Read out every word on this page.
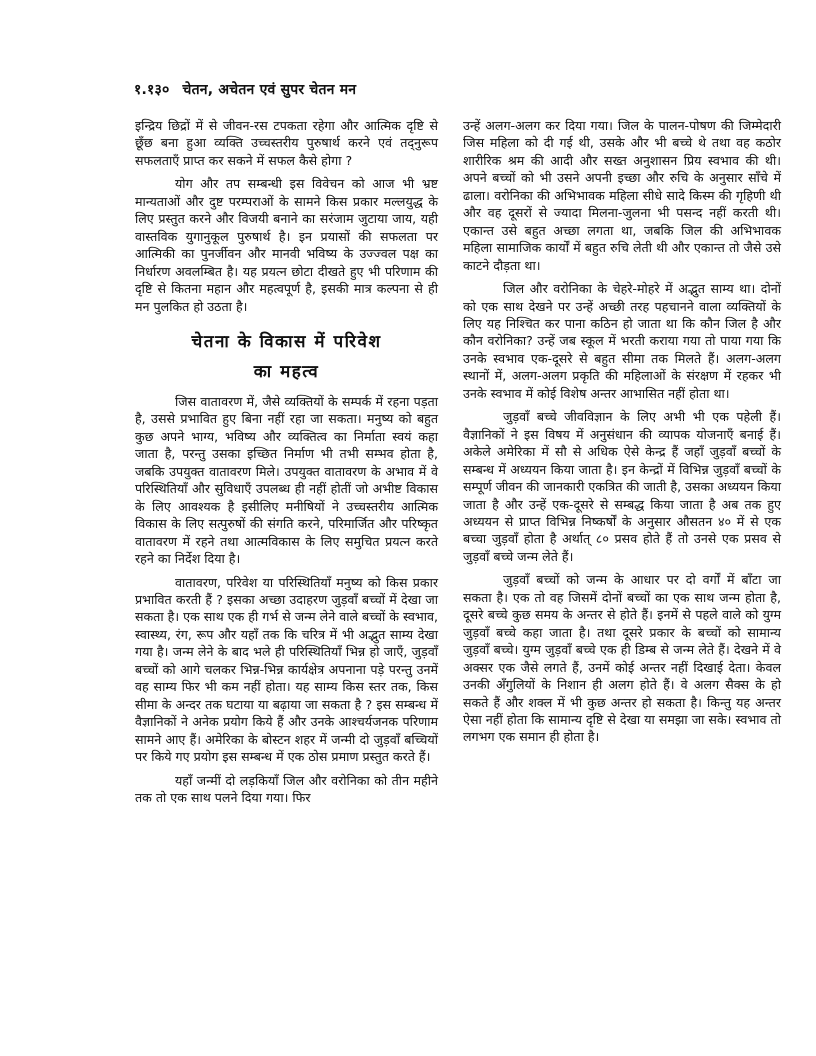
१.१३० चेतन, अचेतन एवं सुपर चेतन मन

इन्द्रिय छिद्रों में से जीवन-रस टपकता रहेगा और आत्मिक दृष्टि से छूँछ बना हुआ व्यक्ति उच्चस्तरीय पुरुषार्थ करने एवं तद्नुरूप सफलताएँ प्राप्त कर सकने में सफल कैसे होगा ?

योग और तप सम्बन्धी इस विवेचन को आज भी भ्रष्ट मान्यताओं और दुष्ट परम्पराओं के सामने किस प्रकार मल्लयुद्ध के लिए प्रस्तुत करने और विजयी बनाने का सरंजाम जुटाया जाय, यही वास्तविक युगानुकूल पुरुषार्थ है। इन प्रयासों की सफलता पर आत्मिकी का पुनर्जीवन और मानवी भविष्य के उज्ज्वल पक्ष का निर्धारण अवलम्बित है। यह प्रयत्न छोटा दीखते हुए भी परिणाम की दृष्टि से कितना महान और महत्वपूर्ण है, इसकी मात्र कल्पना से ही मन पुलकित हो उठता है।

चेतना के विकास में परिवेश
का महत्व

जिस वातावरण में, जैसे व्यक्तियों के सम्पर्क में रहना पड़ता है, उससे प्रभावित हुए बिना नहीं रहा जा सकता। मनुष्य को बहुत कुछ अपने भाग्य, भविष्य और व्यक्तित्व का निर्माता स्वयं कहा जाता है, परन्तु उसका इच्छित निर्माण भी तभी सम्भव होता है, जबकि उपयुक्त वातावरण मिले। उपयुक्त वातावरण के अभाव में वे परिस्थितियाँ और सुविधाएँ उपलब्ध ही नहीं होतीं जो अभीष्ट विकास के लिए आवश्यक है इसीलिए मनीषियों ने उच्चस्तरीय आत्मिक विकास के लिए सत्पुरुषों की संगति करने, परिमार्जित और परिष्कृत वातावरण में रहने तथा आत्मविकास के लिए समुचित प्रयत्न करते रहने का निर्देश दिया है।

वातावरण, परिवेश या परिस्थितियाँ मनुष्य को किस प्रकार प्रभावित करती हैं ? इसका अच्छा उदाहरण जुड़वाँ बच्चों में देखा जा सकता है। एक साथ एक ही गर्भ से जन्म लेने वाले बच्चों के स्वभाव, स्वास्थ्य, रंग, रूप और यहाँ तक कि चरित्र में भी अद्भुत साम्य देखा गया है। जन्म लेने के बाद भले ही परिस्थितियाँ भिन्न हो जाएँ, जुड़वाँ बच्चों को आगे चलकर भिन्न-भिन्न कार्यक्षेत्र अपनाना पड़े परन्तु उनमें वह साम्य फिर भी कम नहीं होता। यह साम्य किस स्तर तक, किस सीमा के अन्दर तक घटाया या बढ़ाया जा सकता है ? इस सम्बन्ध में वैज्ञानिकों ने अनेक प्रयोग किये हैं और उनके आश्चर्यजनक परिणाम सामने आए हैं। अमेरिका के बोस्टन शहर में जन्मी दो जुड़वाँ बच्चियों पर किये गए प्रयोग इस सम्बन्ध में एक ठोस प्रमाण प्रस्तुत करते हैं।

यहाँ जन्मीं दो लड़कियाँ जिल और वरोनिका को तीन महीने तक तो एक साथ पलने दिया गया। फिर

उन्हें अलग-अलग कर दिया गया। जिल के पालन-पोषण की जिम्मेदारी जिस महिला को दी गई थी, उसके और भी बच्चे थे तथा वह कठोर शारीरिक श्रम की आदी और सख्त अनुशासन प्रिय स्वभाव की थी। अपने बच्चों को भी उसने अपनी इच्छा और रुचि के अनुसार साँचे में ढाला। वरोनिका की अभिभावक महिला सीधे सादे किस्म की गृहिणी थी और वह दूसरों से ज्यादा मिलना-जुलना भी पसन्द नहीं करती थी। एकान्त उसे बहुत अच्छा लगता था, जबकि जिल की अभिभावक महिला सामाजिक कार्यों में बहुत रुचि लेती थी और एकान्त तो जैसे उसे काटने दौड़ता था।

जिल और वरोनिका के चेहरे-मोहरे में अद्भुत साम्य था। दोनों को एक साथ देखने पर उन्हें अच्छी तरह पहचानने वाला व्यक्तियों के लिए यह निश्चित कर पाना कठिन हो जाता था कि कौन जिल है और कौन वरोनिका? उन्हें जब स्कूल में भरती कराया गया तो पाया गया कि उनके स्वभाव एक-दूसरे से बहुत सीमा तक मिलते हैं। अलग-अलग स्थानों में, अलग-अलग प्रकृति की महिलाओं के संरक्षण में रहकर भी उनके स्वभाव में कोई विशेष अन्तर आभासित नहीं होता था।

जुड़वाँ बच्चे जीवविज्ञान के लिए अभी भी एक पहेली हैं। वैज्ञानिकों ने इस विषय में अनुसंधान की व्यापक योजनाएँ बनाई हैं। अकेले अमेरिका में सौ से अधिक ऐसे केन्द्र हैं जहाँ जुड़वाँ बच्चों के सम्बन्ध में अध्ययन किया जाता है। इन केन्द्रों में विभिन्न जुड़वाँ बच्चों के सम्पूर्ण जीवन की जानकारी एकत्रित की जाती है, उसका अध्ययन किया जाता है और उन्हें एक-दूसरे से सम्बद्ध किया जाता है अब तक हुए अध्ययन से प्राप्त विभिन्न निष्कर्षों के अनुसार औसतन ४० में से एक बच्चा जुड़वाँ होता है अर्थात् ८० प्रसव होते हैं तो उनसे एक प्रसव से जुड़वाँ बच्चे जन्म लेते हैं।

जुड़वाँ बच्चों को जन्म के आधार पर दो वर्गों में बाँटा जा सकता है। एक तो वह जिसमें दोनों बच्चों का एक साथ जन्म होता है, दूसरे बच्चे कुछ समय के अन्तर से होते हैं। इनमें से पहले वाले को युग्म जुड़वाँ बच्चे कहा जाता है। तथा दूसरे प्रकार के बच्चों को सामान्य जुड़वाँ बच्चे। युग्म जुड़वाँ बच्चे एक ही डिम्ब से जन्म लेते हैं। देखने में वे अक्सर एक जैसे लगते हैं, उनमें कोई अन्तर नहीं दिखाई देता। केवल उनकी अँगुलियों के निशान ही अलग होते हैं। वे अलग सैक्स के हो सकते हैं और शक्ल में भी कुछ अन्तर हो सकता है। किन्तु यह अन्तर ऐसा नहीं होता कि सामान्य दृष्टि से देखा या समझा जा सके। स्वभाव तो लगभग एक समान ही होता है।
